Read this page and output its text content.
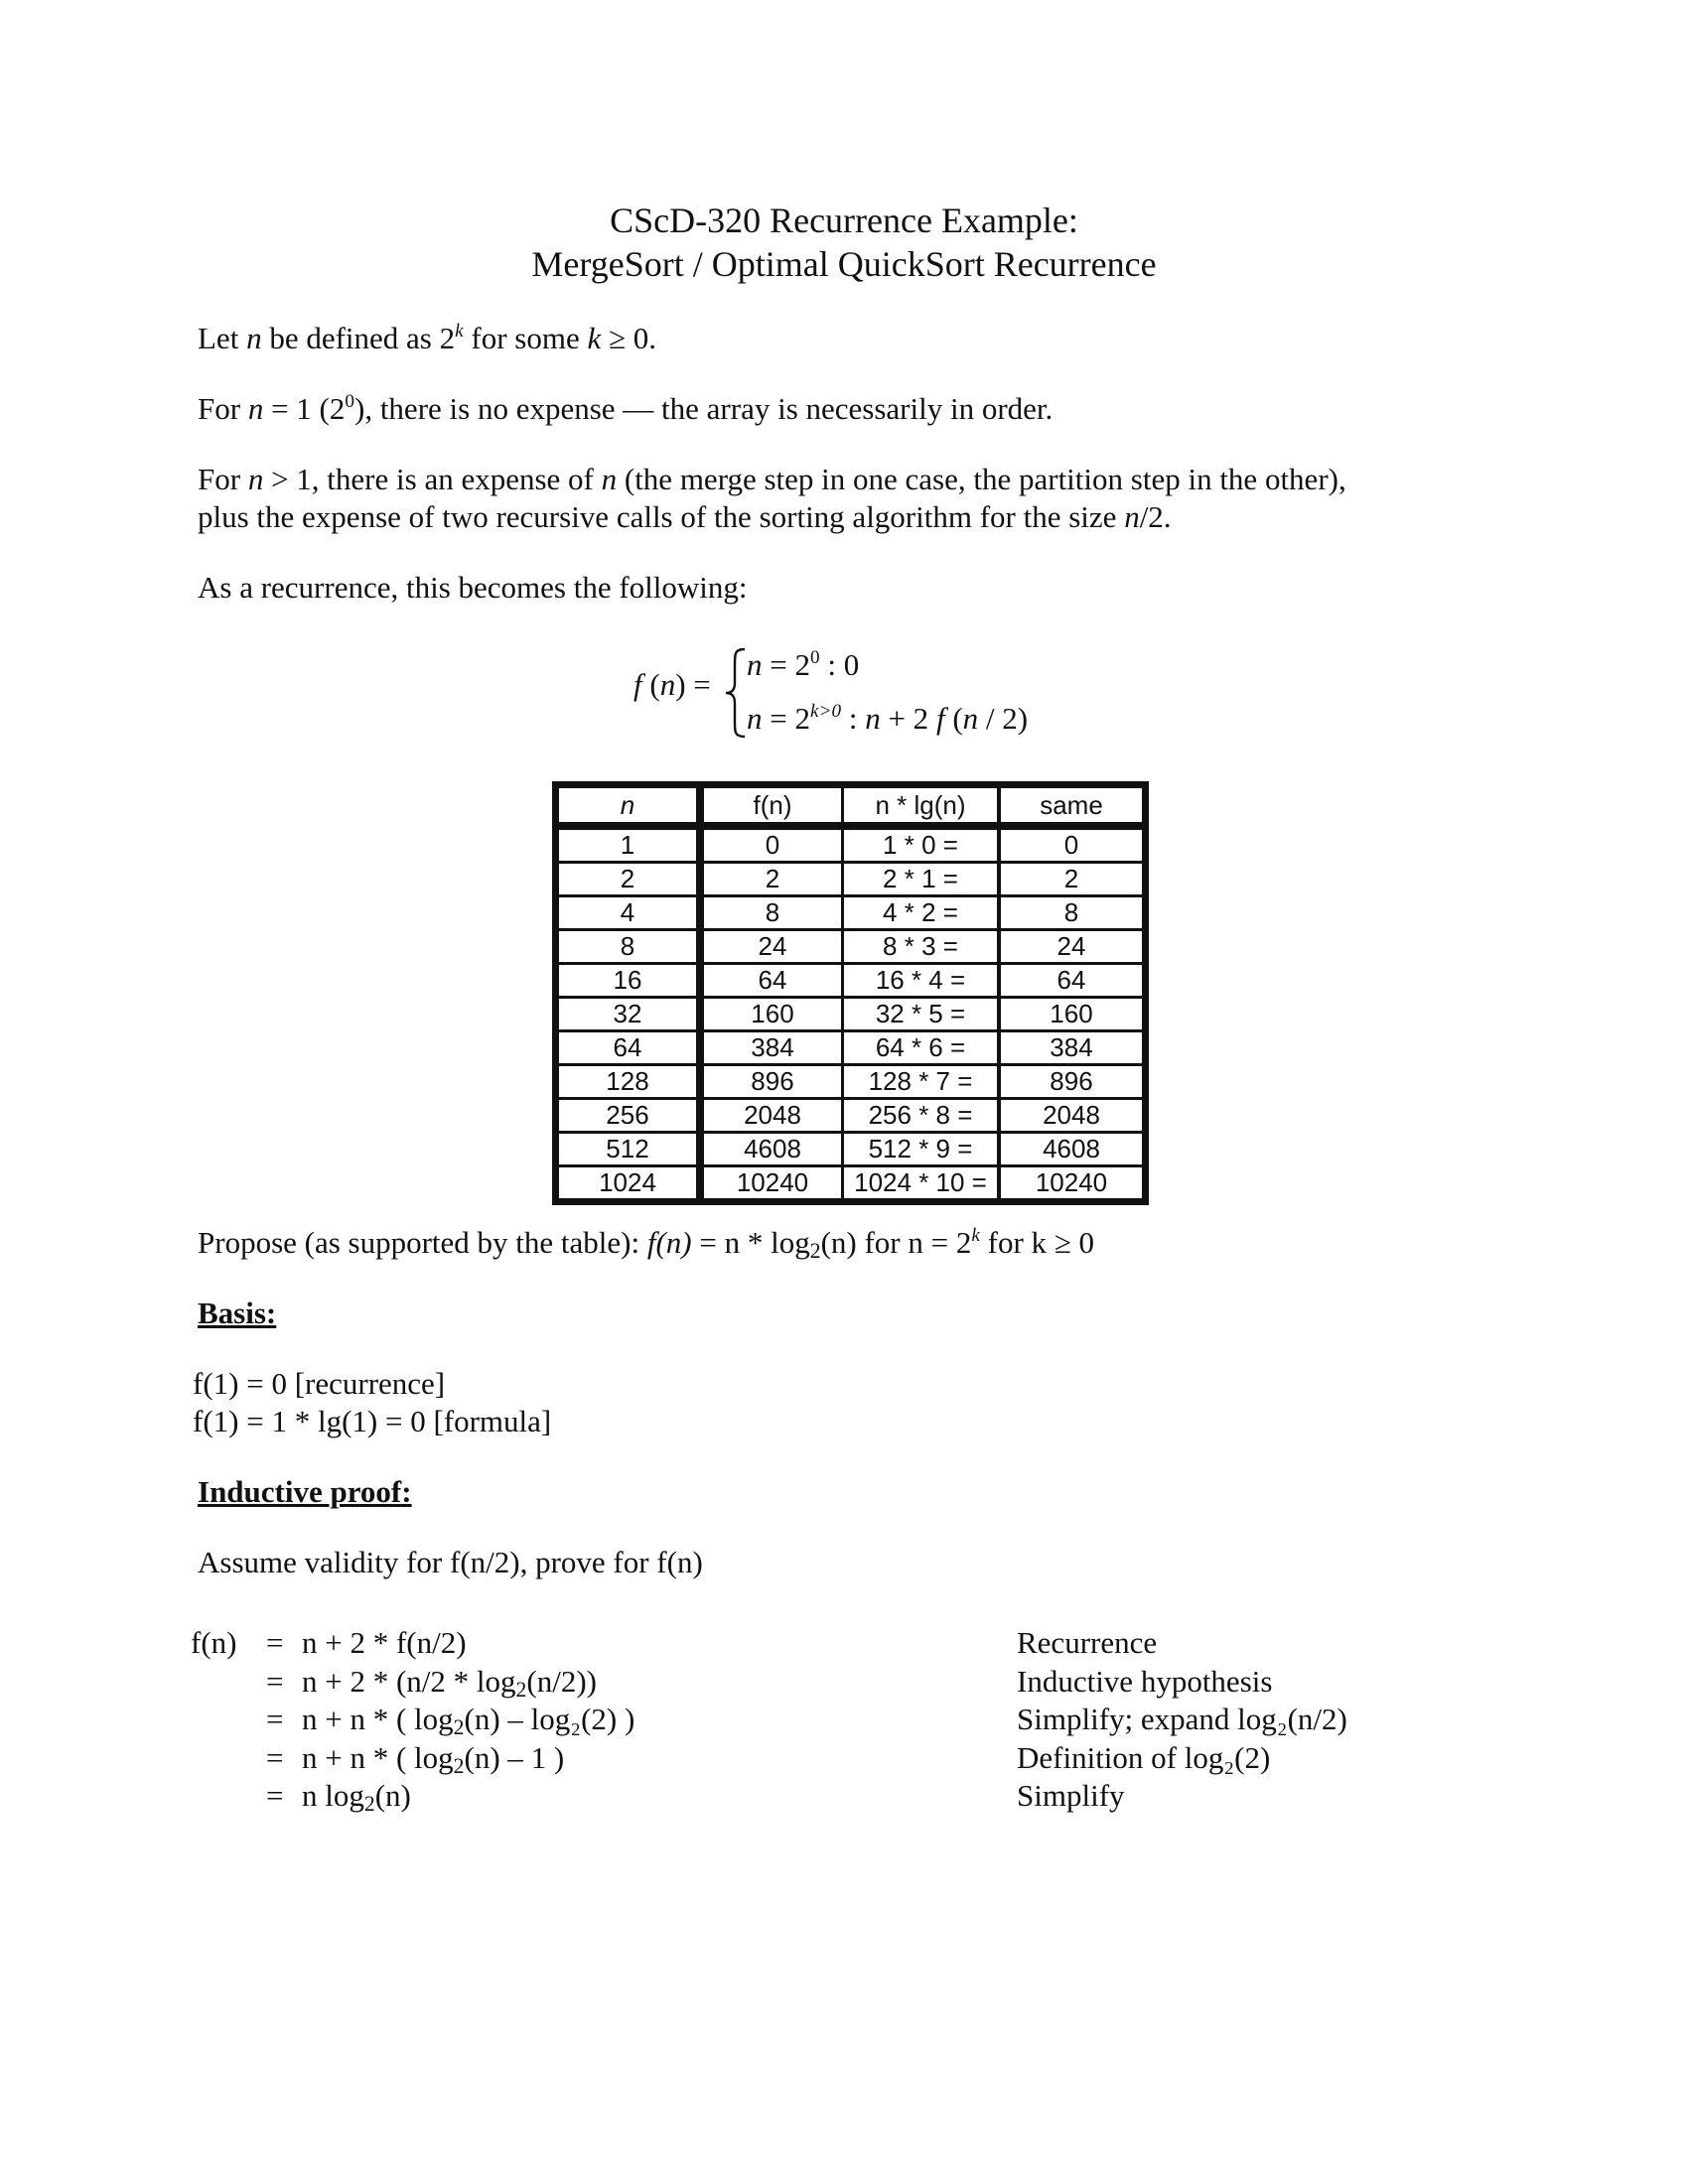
CScD-320 Recurrence Example:
MergeSort / Optimal QuickSort Recurrence
Let n be defined as 2$^k$ for some k ≥ 0.
For n = 1 $(2^0)$, there is no expense — the array is necessarily in order.
For n > 1, there is an expense of n (the merge step in one case, the partition step in the other),
plus the expense of two recursive calls of the sorting algorithm for the size n/2.
As a recurrence, this becomes the following:
f (n) =
$n = 2^0$ : 0
$n = 2^{k>0}$ : n + 2 f (n / 2)
n	f(n)	n * lg(n)	same
1	0	1 * 0 =	0
2	2	2 * 1 =	2
4	8	4 * 2 =	8
8	24	8 * 3 =	24
16	64	16 * 4 =	64
32	160	32 * 5 =	160
64	384	64 * 6 =	384
128	896	128 * 7 =	896
256	2048	256 * 8 =	2048
512	4608	512 * 9 =	4608
1024	10240	1024 * 10 =	10240
Propose (as supported by the table): $f(n) = n * \log_2(n)$ for $n = 2^k$ for k ≥ 0
Basis:
f(1) = 0 [recurrence]
f(1) = 1 * lg(1) = 0 [formula]
Inductive proof:
Assume validity for f(n/2), prove for f(n)
f(n) = n + 2 * f(n/2)	Recurrence
= $n + 2 * (n/2 * \log_2(n/2))$	Inductive hypothesis
= n + n * ( $\log_2(n) - \log_2(2)$ )	Simplify; expand log₂(n/2)
= n + n * ( $\log_2(n) - 1$ )	Definition of log₂(2)
= n $\log_2(n)$	Simplify
